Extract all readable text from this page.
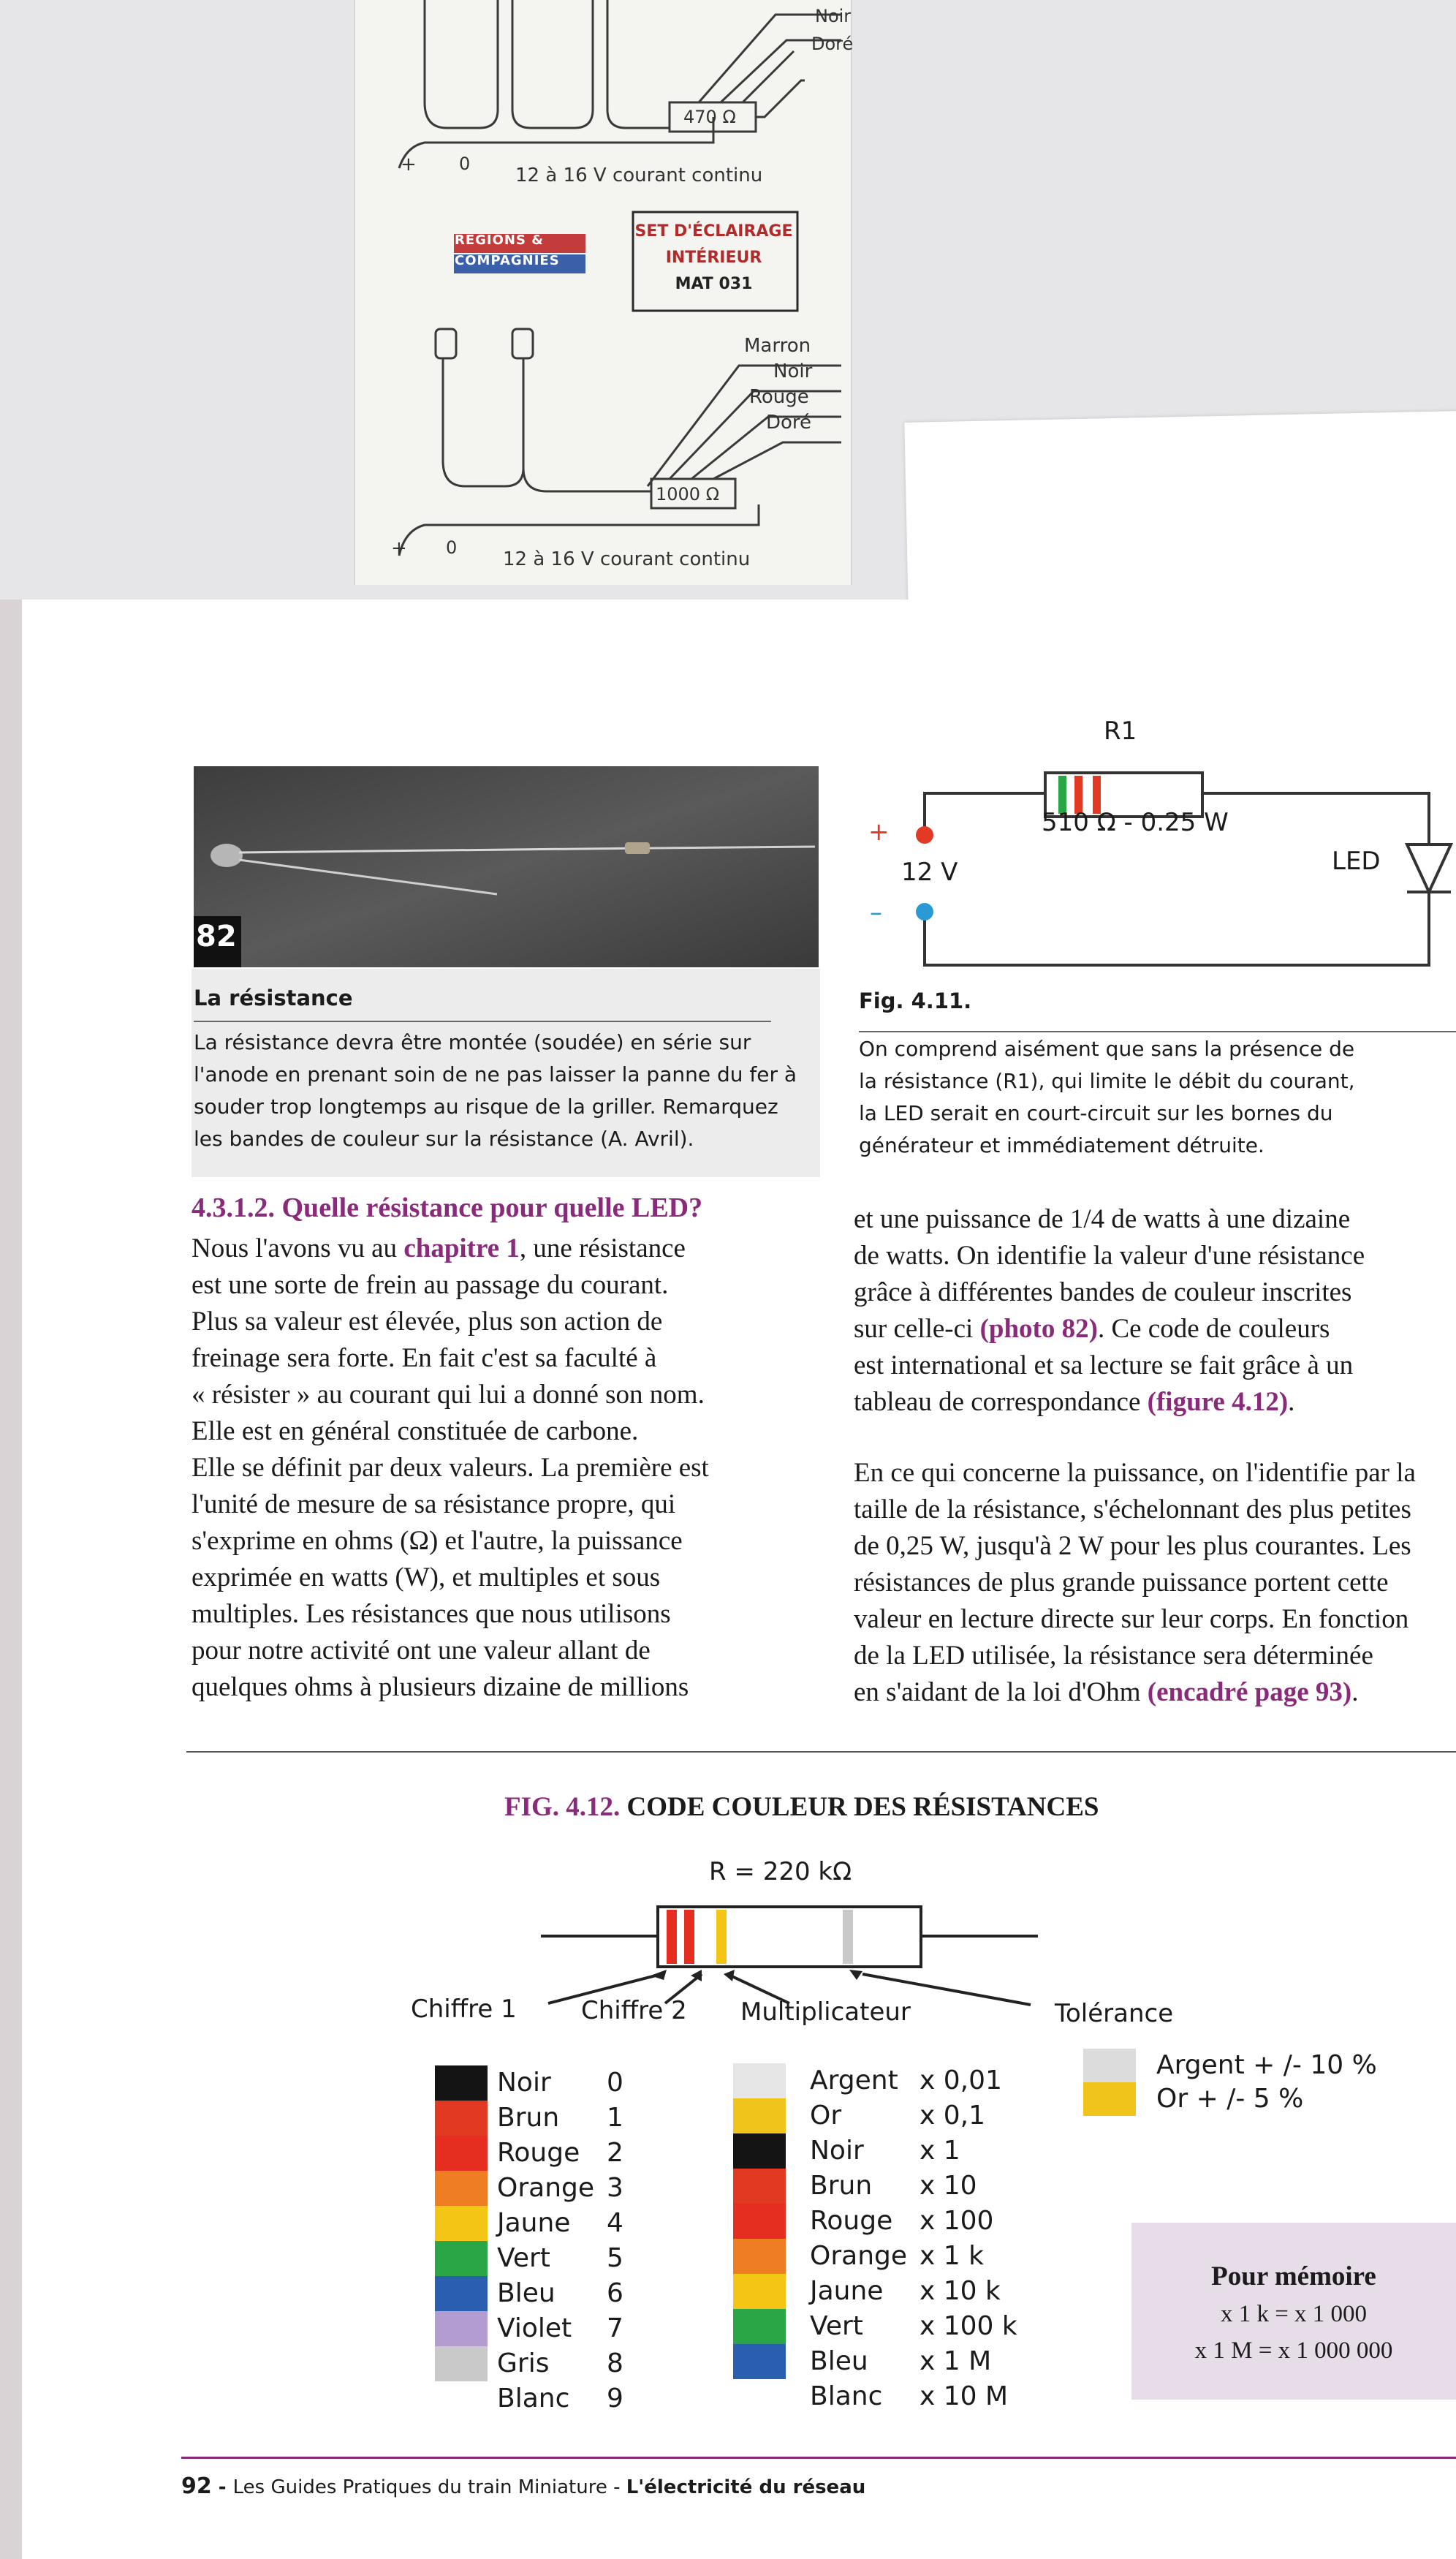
Noir
Doré
470 Ω
+ 0
12 à 16 V courant continu
RÉGIONS &
COMPAGNIES
SET D'ÉCLAIRAGE
INTÉRIEUR
MAT 031
Marron
Noir
Rouge
Doré
1000 Ω
+ 0
12 à 16 V courant continu
82
La résistance
La résistance devra être montée (soudée) en série sur
l'anode en prenant soin de ne pas laisser la panne du fer à
souder trop longtemps au risque de la griller. Remarquez
les bandes de couleur sur la résistance (A. Avril).
R1
510 Ω - 0.25 W
12 V
+
–
LED
Fig. 4.11.
On comprend aisément que sans la présence de
la résistance (R1), qui limite le débit du courant,
la LED serait en court-circuit sur les bornes du
générateur et immédiatement détruite.
4.3.1.2. Quelle résistance pour quelle LED?
Nous l'avons vu au chapitre 1, une résistance
est une sorte de frein au passage du courant.
Plus sa valeur est élevée, plus son action de
freinage sera forte. En fait c'est sa faculté à
« résister » au courant qui lui a donné son nom.
Elle est en général constituée de carbone.
Elle se définit par deux valeurs. La première est
l'unité de mesure de sa résistance propre, qui
s'exprime en ohms (Ω) et l'autre, la puissance
exprimée en watts (W), et multiples et sous
multiples. Les résistances que nous utilisons
pour notre activité ont une valeur allant de
quelques ohms à plusieurs dizaine de millions
et une puissance de 1/4 de watts à une dizaine
de watts. On identifie la valeur d'une résistance
grâce à différentes bandes de couleur inscrites
sur celle-ci (photo 82). Ce code de couleurs
est international et sa lecture se fait grâce à un
tableau de correspondance (figure 4.12).
En ce qui concerne la puissance, on l'identifie par la
taille de la résistance, s'échelonnant des plus petites
de 0,25 W, jusqu'à 2 W pour les plus courantes. Les
résistances de plus grande puissance portent cette
valeur en lecture directe sur leur corps. En fonction
de la LED utilisée, la résistance sera déterminée
en s'aidant de la loi d'Ohm (encadré page 93).
FIG. 4.12. CODE COULEUR DES RÉSISTANCES
R = 220 kΩ
Chiffre 1	Chiffre 2 Multiplicateur	Tolérance
Noir 0
Brun 1
Rouge 2
Orange 3
Jaune 4
Vert 5
Bleu 6
Violet 7
Gris 8
Blanc 9
Argent x 0,01
Or	x 0,1
Noir x 1
Brun x 10
Rouge x 100
Orange x 1 k
Jaune x 10 k
Vert x 100 k
Bleu x 1 M
Blanc x 10 M
Argent + /- 10 %
Or + /- 5 %
Pour mémoire
x 1 k = x 1 000
x 1 M = x 1 000 000
92 - Les Guides Pratiques du train Miniature - L'électricité du réseau
